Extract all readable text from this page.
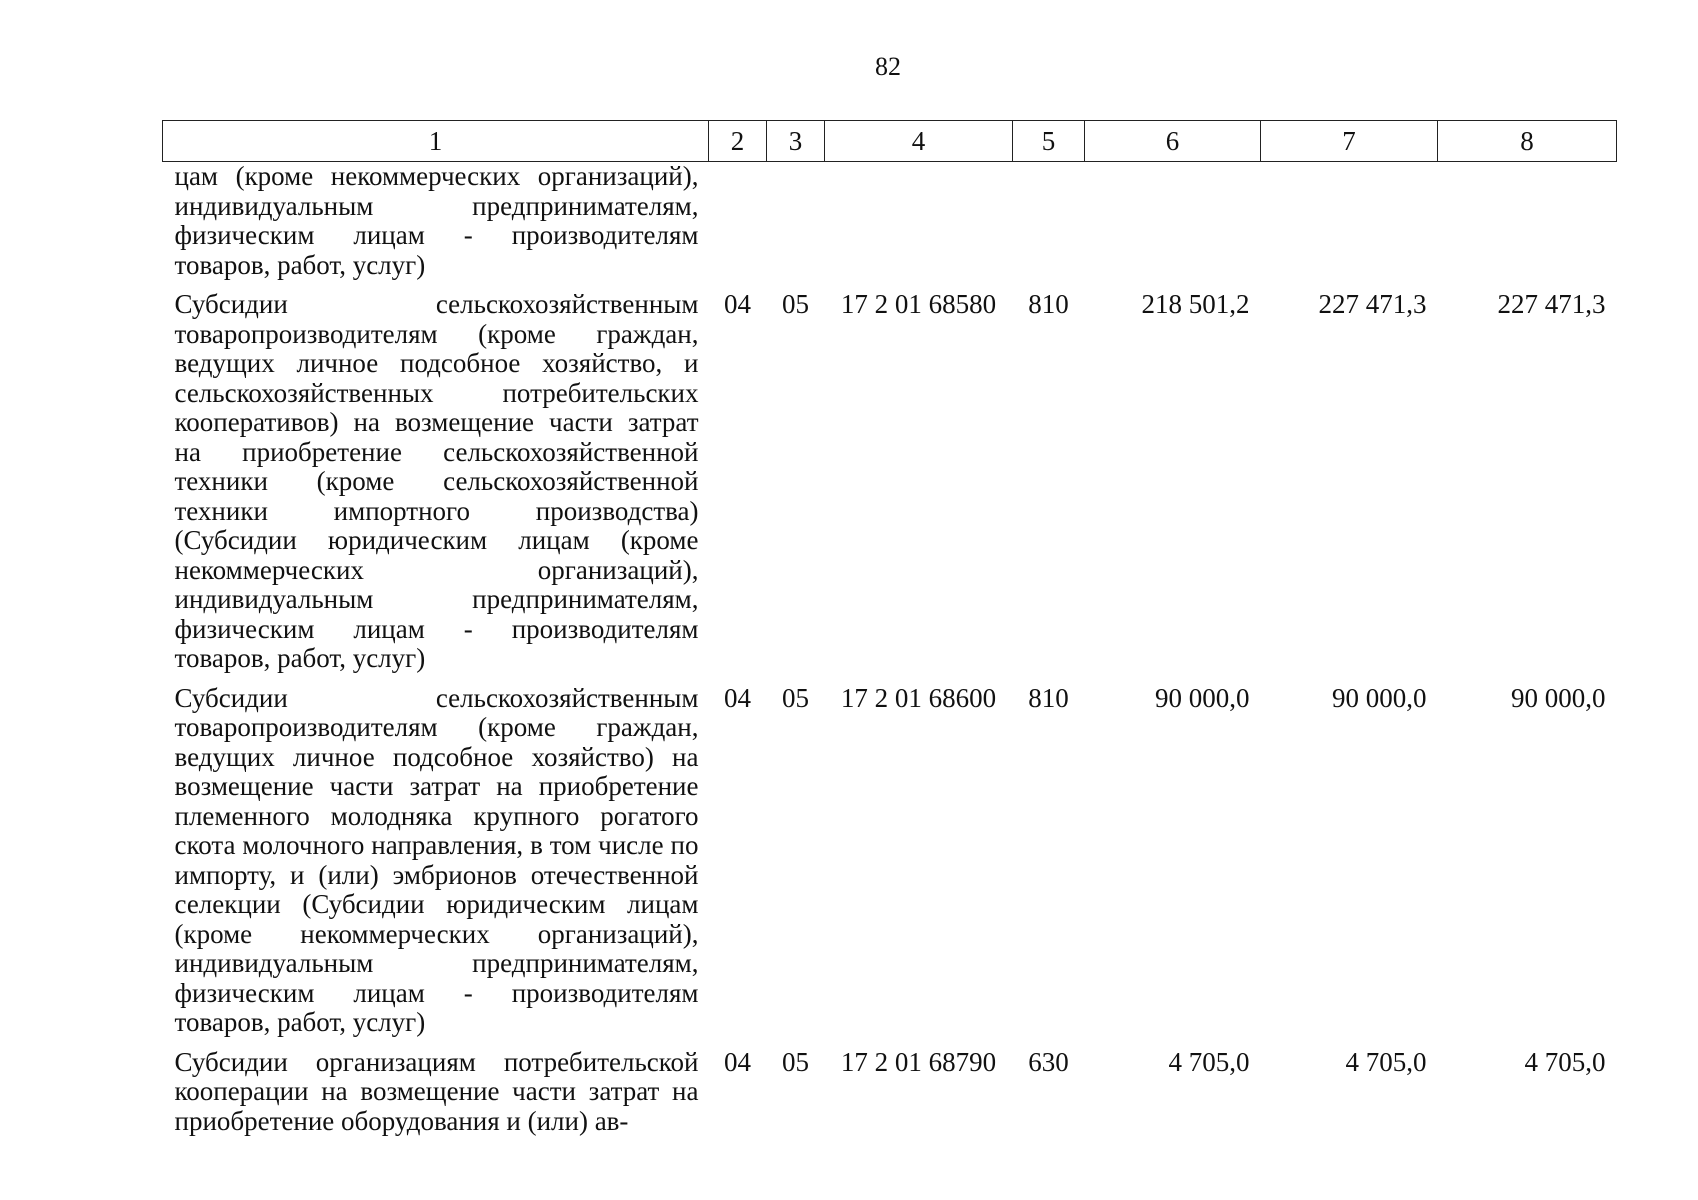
82
1	2	3	4	5	6	7	8
цам (кроме некоммерческих организаций), индивидуальным предпринимателям, физическим лицам - производителям товаров, работ, услуг)							
Субсидии сельскохозяйственным товаропроизводителям (кроме граждан, ведущих личное подсобное хозяйство, и сельскохозяйственных потребительских кооперативов) на возмещение части затрат на приобретение сельскохозяйственной техники (кроме сельскохозяйственной техники импортного производства) (Субсидии юридическим лицам (кроме некоммерческих организаций), индивидуальным предпринимателям, физическим лицам - производителям товаров, работ, услуг)	04	05	17 2 01 68580	810	218 501,2	227 471,3	227 471,3
Субсидии сельскохозяйственным товаропроизводителям (кроме граждан, ведущих личное подсобное хозяйство) на возмещение части затрат на приобретение племенного молодняка крупного рогатого скота молочного направления, в том числе по импорту, и (или) эмбрионов отечественной селекции (Субсидии юридическим лицам (кроме некоммерческих организаций), индивидуальным предпринимателям, физическим лицам - производителям товаров, работ, услуг)	04	05	17 2 01 68600	810	90 000,0	90 000,0	90 000,0
Субсидии организациям потребительской кооперации на возмещение части затрат на приобретение оборудования и (или) ав-	04	05	17 2 01 68790	630	4 705,0	4 705,0	4 705,0
